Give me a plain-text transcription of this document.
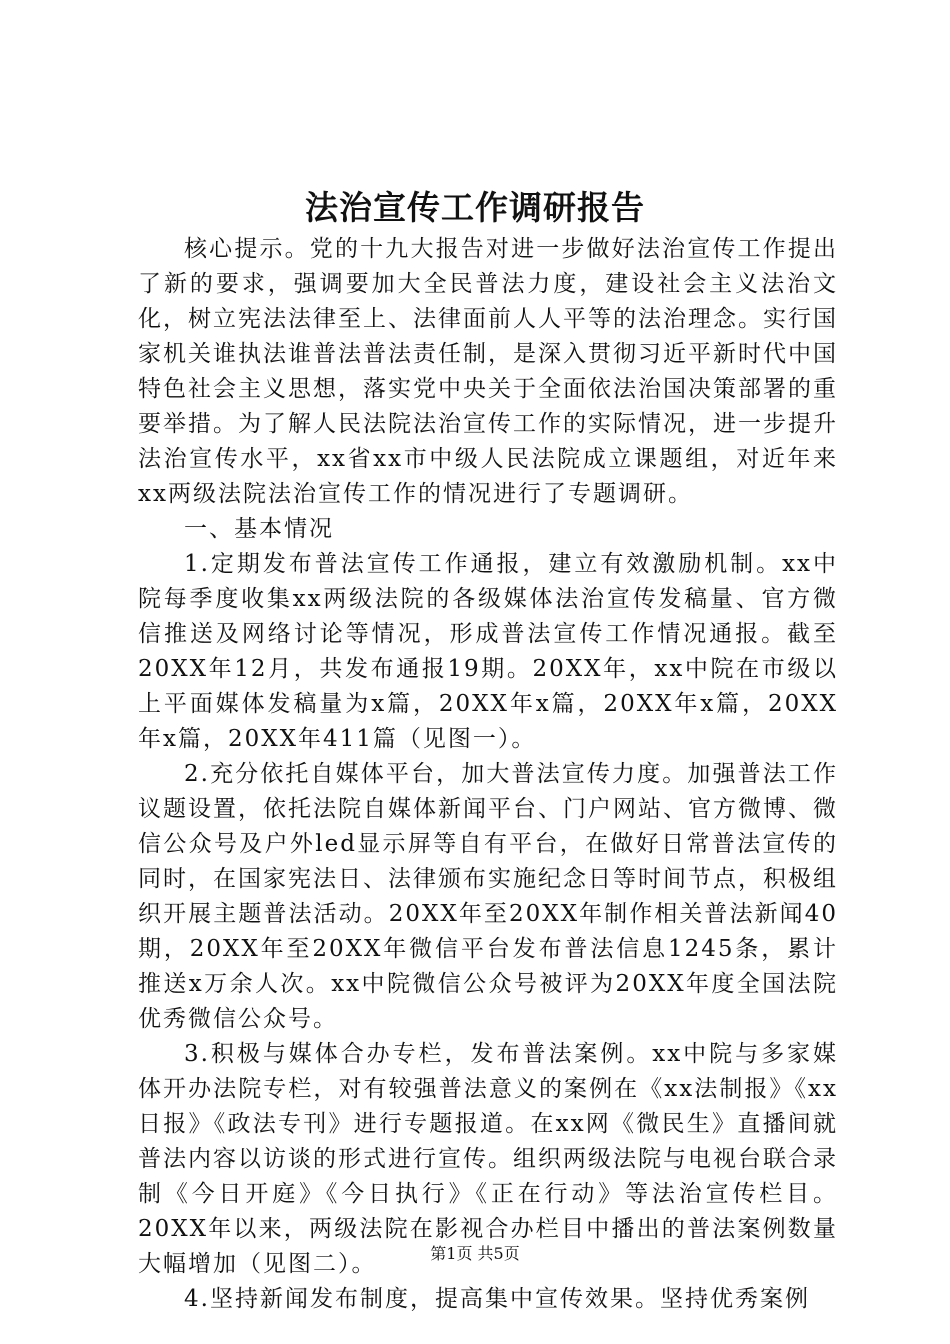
法治宣传工作调研报告

核心提示。党的十九大报告对进一步做好法治宣传工作提出了新的要求，强调要加大全民普法力度，建设社会主义法治文化，树立宪法法律至上、法律面前人人平等的法治理念。实行国家机关谁执法谁普法普法责任制，是深入贯彻习近平新时代中国特色社会主义思想，落实党中央关于全面依法治国决策部署的重要举措。为了解人民法院法治宣传工作的实际情况，进一步提升法治宣传水平，xx省xx市中级人民法院成立课题组，对近年来xx两级法院法治宣传工作的情况进行了专题调研。

一、基本情况

1.定期发布普法宣传工作通报，建立有效激励机制。xx中院每季度收集xx两级法院的各级媒体法治宣传发稿量、官方微信推送及网络讨论等情况，形成普法宣传工作情况通报。截至20XX年12月，共发布通报19期。20XX年，xx中院在市级以上平面媒体发稿量为x篇，20XX年x篇，20XX年x篇，20XX年x篇，20XX年411篇（见图一）。

2.充分依托自媒体平台，加大普法宣传力度。加强普法工作议题设置，依托法院自媒体新闻平台、门户网站、官方微博、微信公众号及户外led显示屏等自有平台，在做好日常普法宣传的同时，在国家宪法日、法律颁布实施纪念日等时间节点，积极组织开展主题普法活动。20XX年至20XX年制作相关普法新闻40期，20XX年至20XX年微信平台发布普法信息1245条，累计推送x万余人次。xx中院微信公众号被评为20XX年度全国法院优秀微信公众号。

3.积极与媒体合办专栏，发布普法案例。xx中院与多家媒体开办法院专栏，对有较强普法意义的案例在《xx法制报》《xx日报》《政法专刊》进行专题报道。在xx网《微民生》直播间就普法内容以访谈的形式进行宣传。组织两级法院与电视台联合录制《今日开庭》《今日执行》《正在行动》等法治宣传栏目。20XX年以来，两级法院在影视合办栏目中播出的普法案例数量大幅增加（见图二）。

4.坚持新闻发布制度，提高集中宣传效果。坚持优秀案例

第1页 共5页
